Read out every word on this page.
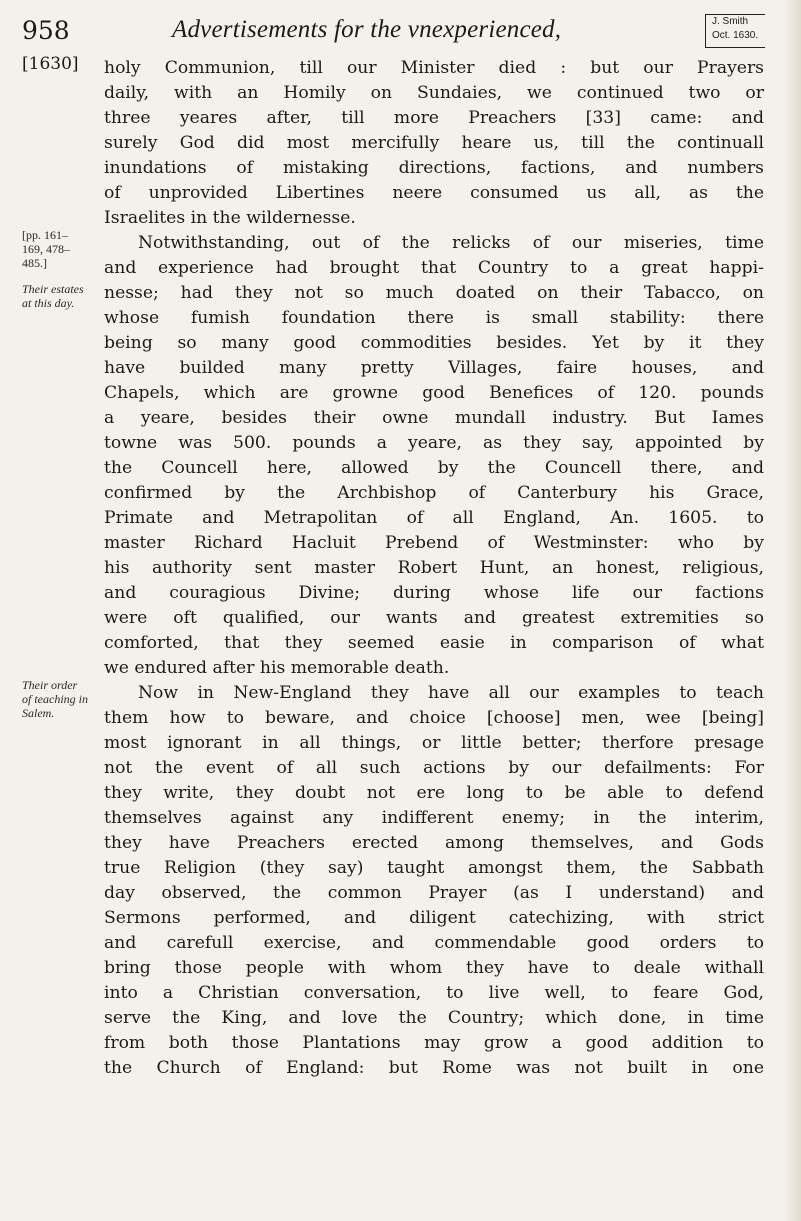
958	Advertisements for the vnexperienced,	J. Smith
Oct. 1630.
[1630]
[pp. 161–169, 478–485.]
Their estates at this day.
Their order of teaching in Salem.
holy Communion, till our Minister died : but our Prayers
daily, with an Homily on Sundaies, we continued two or
three yeares after, till more Preachers [33] came: and
surely God did most mercifully heare us, till the continuall
inundations of mistaking directions, factions, and numbers
of unprovided Libertines neere consumed us all, as the
Israelites in the wildernesse.
Notwithstanding, out of the relicks of our miseries, time
and experience had brought that Country to a great happi-
nesse; had they not so much doated on their Tabacco, on
whose fumish foundation there is small stability: there
being so many good commodities besides. Yet by it they
have builded many pretty Villages, faire houses, and
Chapels, which are growne good Benefices of 120. pounds
a yeare, besides their owne mundall industry. But Iames
towne was 500. pounds a yeare, as they say, appointed by
the Councell here, allowed by the Councell there, and
confirmed by the Archbishop of Canterbury his Grace,
Primate and Metrapolitan of all England, An. 1605. to
master Richard Hacluit Prebend of Westminster: who by
his authority sent master Robert Hunt, an honest, religious,
and couragious Divine; during whose life our factions
were oft qualified, our wants and greatest extremities so
comforted, that they seemed easie in comparison of what
we endured after his memorable death.
Now in New-England they have all our examples to teach
them how to beware, and choice [choose] men, wee [being]
most ignorant in all things, or little better; therfore presage
not the event of all such actions by our defailments: For
they write, they doubt not ere long to be able to defend
themselves against any indifferent enemy; in the interim,
they have Preachers erected among themselves, and Gods
true Religion (they say) taught amongst them, the Sabbath
day observed, the common Prayer (as I understand) and
Sermons performed, and diligent catechizing, with strict
and carefull exercise, and commendable good orders to
bring those people with whom they have to deale withall
into a Christian conversation, to live well, to feare God,
serve the King, and love the Country; which done, in time
from both those Plantations may grow a good addition to
the Church of England: but Rome was not built in one
